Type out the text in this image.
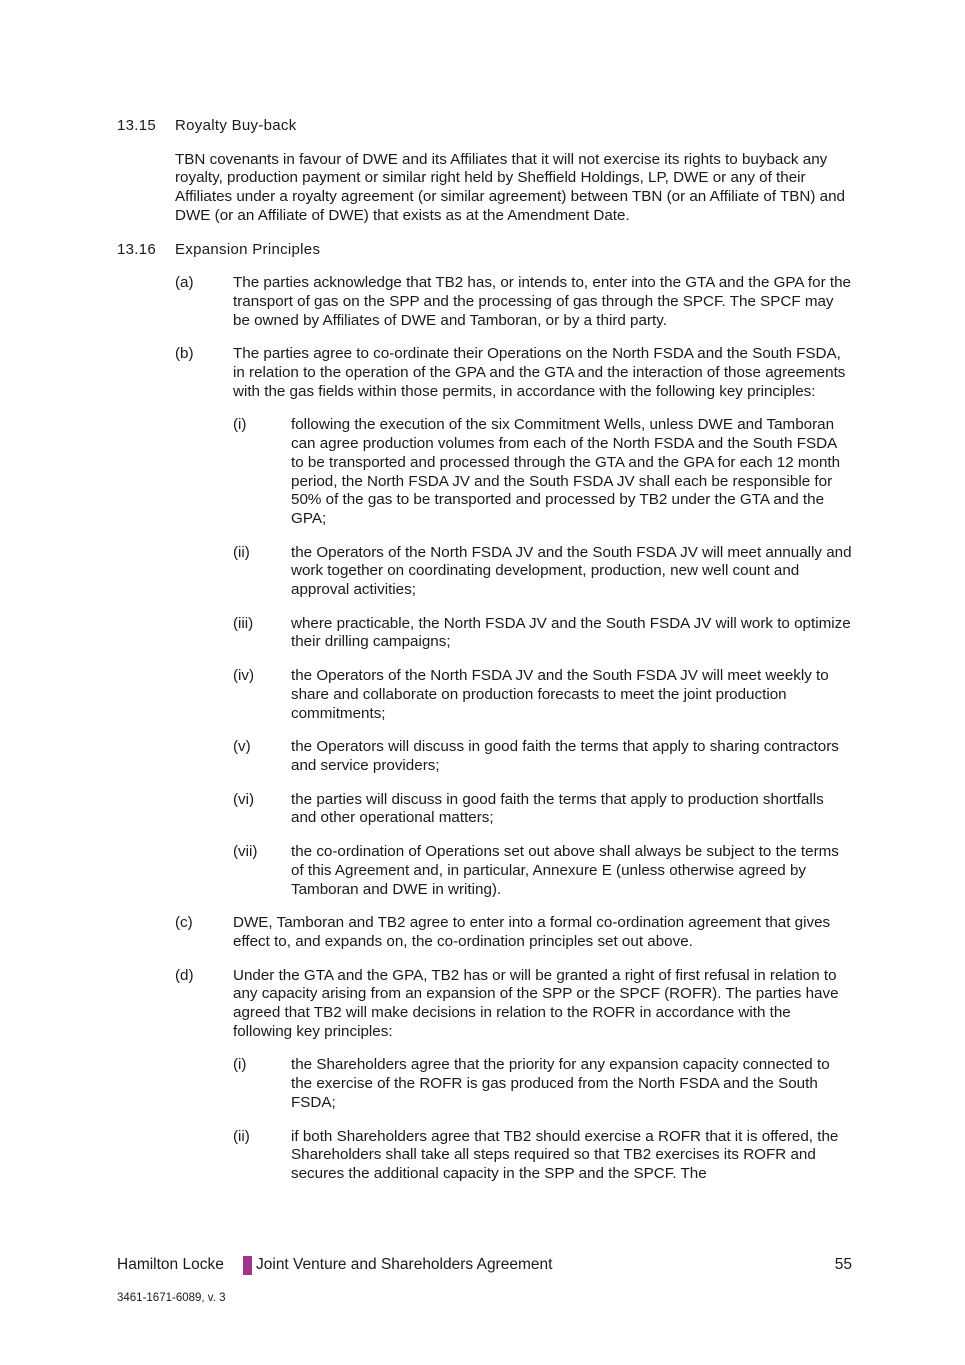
13.15	Royalty Buy-back
TBN covenants in favour of DWE and its Affiliates that it will not exercise its rights to buyback any royalty, production payment or similar right held by Sheffield Holdings, LP, DWE or any of their Affiliates under a royalty agreement (or similar agreement) between TBN (or an Affiliate of TBN) and DWE (or an Affiliate of DWE) that exists as at the Amendment Date.
13.16	Expansion Principles
(a)	The parties acknowledge that TB2 has, or intends to, enter into the GTA and the GPA for the transport of gas on the SPP and the processing of gas through the SPCF. The SPCF may be owned by Affiliates of DWE and Tamboran, or by a third party.
(b)	The parties agree to co-ordinate their Operations on the North FSDA and the South FSDA, in relation to the operation of the GPA and the GTA and the interaction of those agreements with the gas fields within those permits, in accordance with the following key principles:
(i)	following the execution of the six Commitment Wells, unless DWE and Tamboran can agree production volumes from each of the North FSDA and the South FSDA to be transported and processed through the GTA and the GPA for each 12 month period, the North FSDA JV and the South FSDA JV shall each be responsible for 50% of the gas to be transported and processed by TB2 under the GTA and the GPA;
(ii)	the Operators of the North FSDA JV and the South FSDA JV will meet annually and work together on coordinating development, production, new well count and approval activities;
(iii)	where practicable, the North FSDA JV and the South FSDA JV will work to optimize their drilling campaigns;
(iv)	the Operators of the North FSDA JV and the South FSDA JV will meet weekly to share and collaborate on production forecasts to meet the joint production commitments;
(v)	the Operators will discuss in good faith the terms that apply to sharing contractors and service providers;
(vi)	the parties will discuss in good faith the terms that apply to production shortfalls and other operational matters;
(vii)	the co-ordination of Operations set out above shall always be subject to the terms of this Agreement and, in particular, Annexure E (unless otherwise agreed by Tamboran and DWE in writing).
(c)	DWE, Tamboran and TB2 agree to enter into a formal co-ordination agreement that gives effect to, and expands on, the co-ordination principles set out above.
(d)	Under the GTA and the GPA, TB2 has or will be granted a right of first refusal in relation to any capacity arising from an expansion of the SPP or the SPCF (ROFR). The parties have agreed that TB2 will make decisions in relation to the ROFR in accordance with the following key principles:
(i)	the Shareholders agree that the priority for any expansion capacity connected to the exercise of the ROFR is gas produced from the North FSDA and the South FSDA;
(ii)	if both Shareholders agree that TB2 should exercise a ROFR that it is offered, the Shareholders shall take all steps required so that TB2 exercises its ROFR and secures the additional capacity in the SPP and the SPCF. The
Hamilton Locke	Joint Venture and Shareholders Agreement	55
3461-1671-6089, v. 3
